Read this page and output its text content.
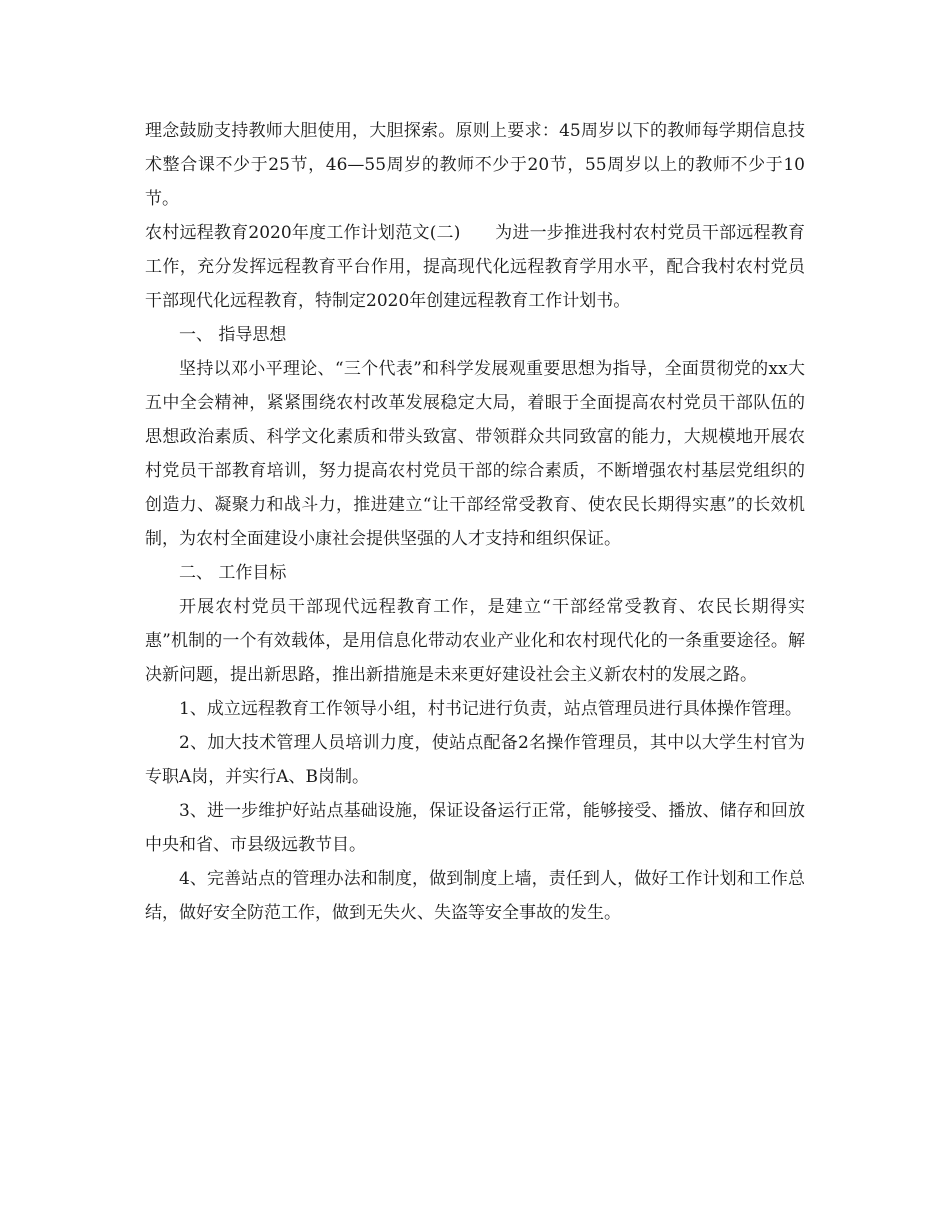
理念鼓励支持教师大胆使用，大胆探索。原则上要求：45周岁以下的教师每学期信息技术整合课不少于25节，46—55周岁的教师不少于20节，55周岁以上的教师不少于10节。

农村远程教育2020年度工作计划范文(二)　　为进一步推进我村农村党员干部远程教育工作，充分发挥远程教育平台作用，提高现代化远程教育学用水平，配合我村农村党员干部现代化远程教育，特制定2020年创建远程教育工作计划书。

一、 指导思想

坚持以邓小平理论、“三个代表”和科学发展观重要思想为指导，全面贯彻党的xx大五中全会精神，紧紧围绕农村改革发展稳定大局，着眼于全面提高农村党员干部队伍的思想政治素质、科学文化素质和带头致富、带领群众共同致富的能力，大规模地开展农村党员干部教育培训，努力提高农村党员干部的综合素质，不断增强农村基层党组织的创造力、凝聚力和战斗力，推进建立“让干部经常受教育、使农民长期得实惠”的长效机制，为农村全面建设小康社会提供坚强的人才支持和组织保证。

二、 工作目标

开展农村党员干部现代远程教育工作，是建立“干部经常受教育、农民长期得实惠”机制的一个有效载体，是用信息化带动农业产业化和农村现代化的一条重要途径。解决新问题，提出新思路，推出新措施是未来更好建设社会主义新农村的发展之路。

1、成立远程教育工作领导小组，村书记进行负责，站点管理员进行具体操作管理。

2、加大技术管理人员培训力度，使站点配备2名操作管理员，其中以大学生村官为专职A岗，并实行A、B岗制。

3、进一步维护好站点基础设施，保证设备运行正常，能够接受、播放、储存和回放中央和省、市县级远教节目。

4、完善站点的管理办法和制度，做到制度上墙，责任到人，做好工作计划和工作总结，做好安全防范工作，做到无失火、失盗等安全事故的发生。
